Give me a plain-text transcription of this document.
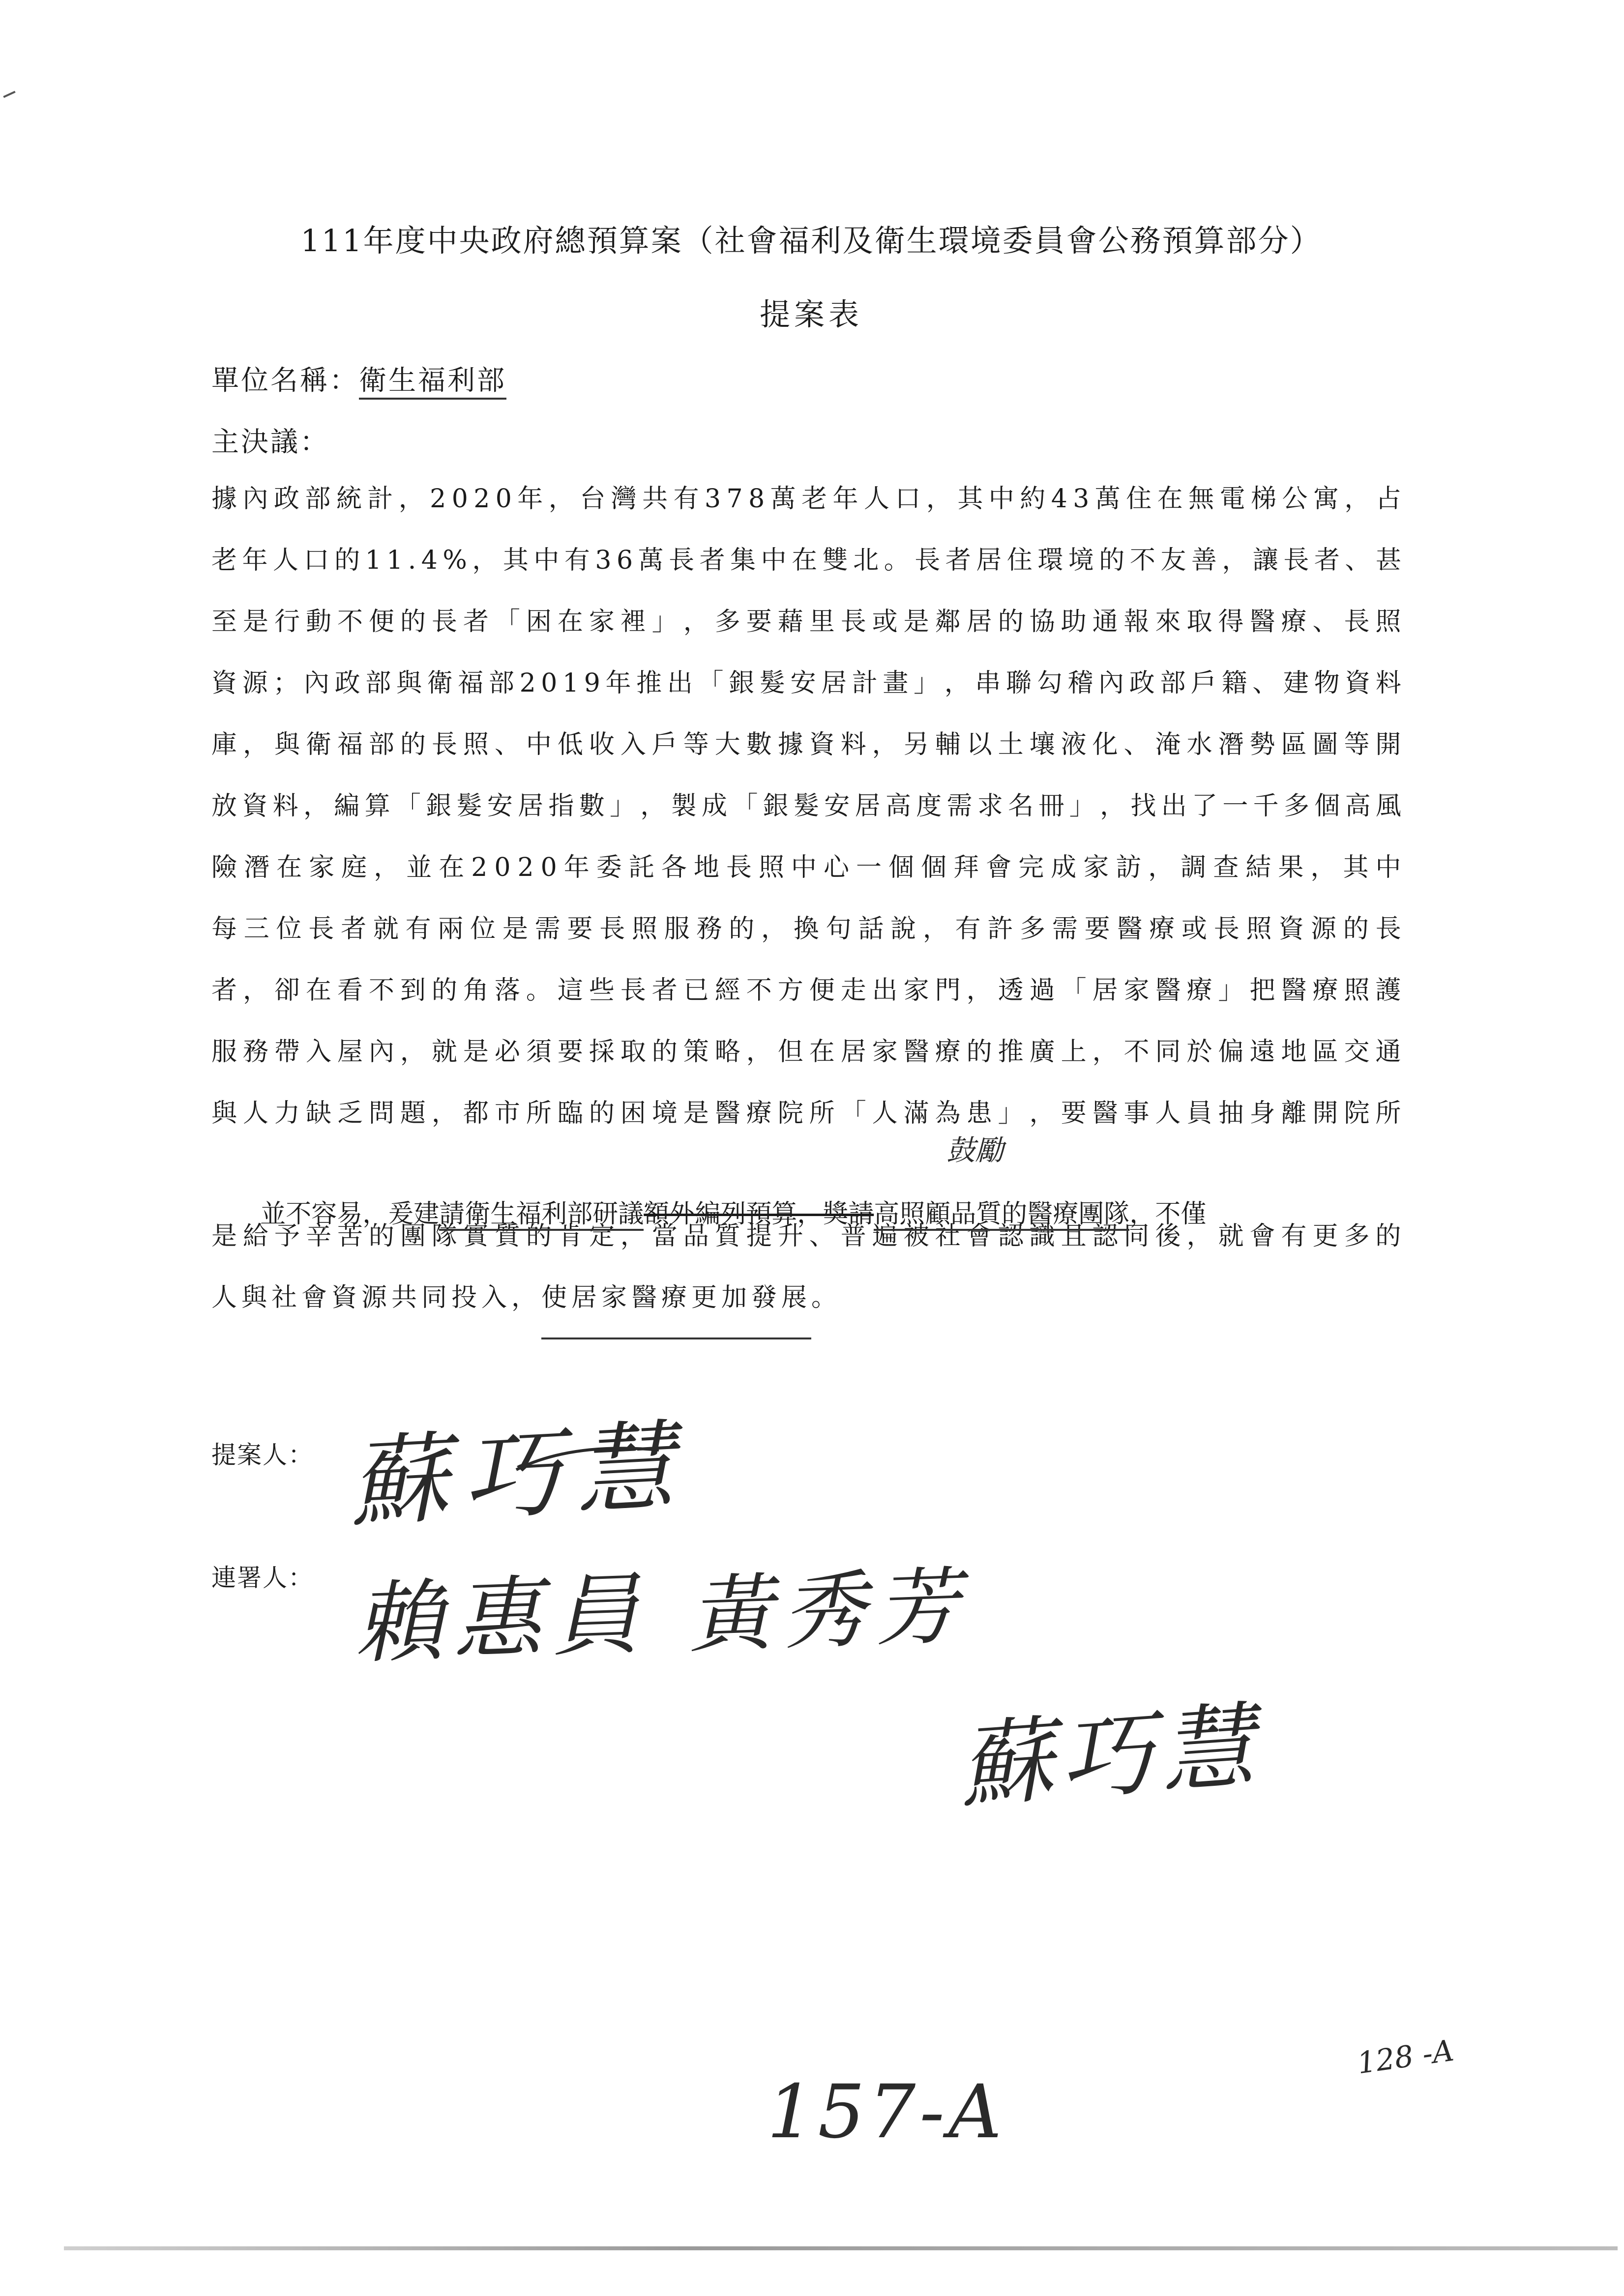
111年度中央政府總預算案（社會福利及衛生環境委員會公務預算部分）
提案表
單位名稱：衛生福利部
主決議：
據 內 政 部 統 計 ， 2 0 2 0 年 ， 台 灣 共 有 3 7 8 萬 老 年 人 口 ， 其 中 約 4 3 萬 住 在 無 電 梯 公 寓 ， 占
老 年 人 口 的 1 1 . 4 % ， 其 中 有 3 6 萬 長 者 集 中 在 雙 北 。 長 者 居 住 環 境 的 不 友 善 ， 讓 長 者 、 甚
至 是 行 動 不 便 的 長 者 「 困 在 家 裡 」 ， 多 要 藉 里 長 或 是 鄰 居 的 協 助 通 報 來 取 得 醫 療 、 長 照
資 源 ； 內 政 部 與 衛 福 部 2 0 1 9 年 推 出 「 銀 髮 安 居 計 畫 」 ， 串 聯 勾 稽 內 政 部 戶 籍 、 建 物 資 料
庫 ， 與 衛 福 部 的 長 照 、 中 低 收 入 戶 等 大 數 據 資 料 ， 另 輔 以 土 壤 液 化 、 淹 水 潛 勢 區 圖 等 開
放 資 料 ， 編 算 「 銀 髮 安 居 指 數 」 ， 製 成 「 銀 髮 安 居 高 度 需 求 名 冊 」 ， 找 出 了 一 千 多 個 高 風
險 潛 在 家 庭 ， 並 在 2 0 2 0 年 委 託 各 地 長 照 中 心 一 個 個 拜 會 完 成 家 訪 ， 調 查 結 果 ， 其 中
每 三 位 長 者 就 有 兩 位 是 需 要 長 照 服 務 的 ， 換 句 話 說 ， 有 許 多 需 要 醫 療 或 長 照 資 源 的 長
者 ， 卻 在 看 不 到 的 角 落 。 這 些 長 者 已 經 不 方 便 走 出 家 門 ， 透 過 「 居 家 醫 療 」 把 醫 療 照 護
服 務 帶 入 屋 內 ， 就 是 必 須 要 採 取 的 策 略 ， 但 在 居 家 醫 療 的 推 廣 上 ， 不 同 於 偏 遠 地 區 交 通
與 人 力 缺 乏 問 題 ， 都 市 所 臨 的 困 境 是 醫 療 院 所 「 人 滿 為 患 」 ， 要 醫 事 人 員 抽 身 離 開 院 所

並不容易，爰建請衛生福利部研議額外編列預算，獎請高照顧品質的醫療團隊，不僅

鼓勵
是 給 予 辛 苦 的 團 隊 實 質 的 肯 定 ， 當 品 質 提 升 、 普 遍 被 社 會 認 識 且 認 同 後 ， 就 會 有 更 多 的
人與社會資源共同投入， 使居家醫療更加發展 。
提案人： 蘇巧慧
連署人： 賴惠員 黃秀芳
蘇巧慧
157-A
128 -A
